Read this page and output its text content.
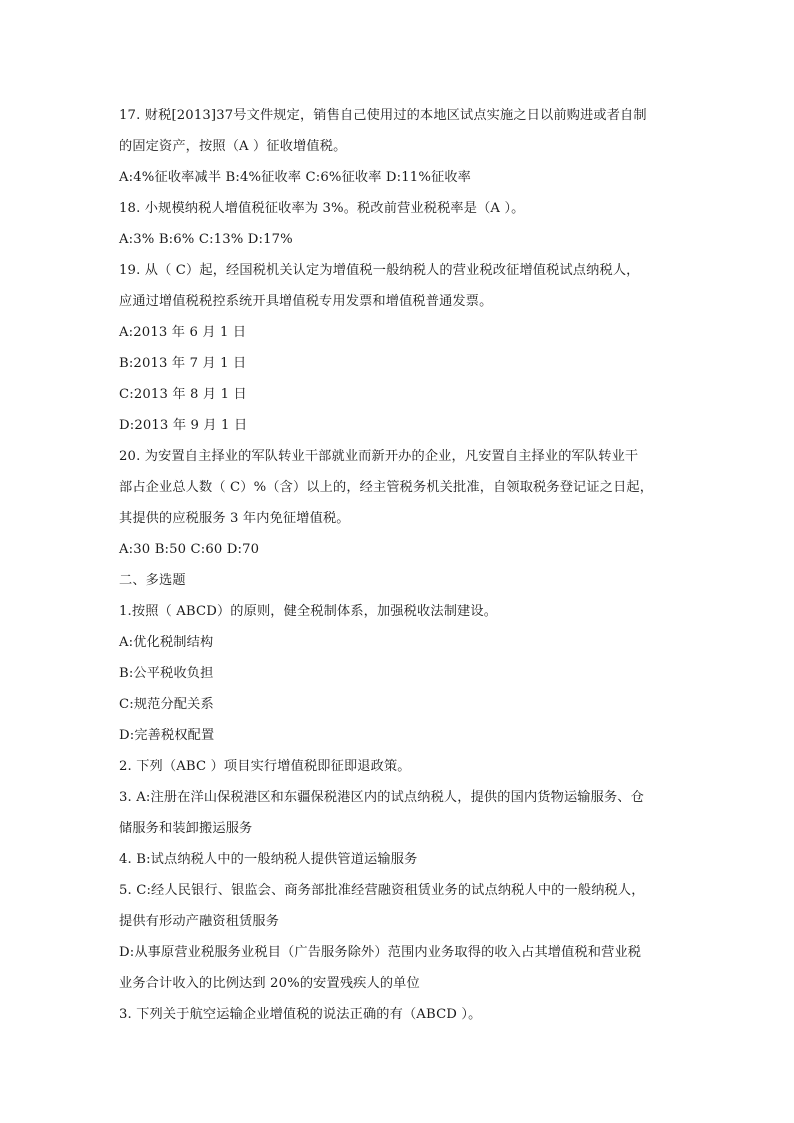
17. 财税[2013]37号文件规定，销售自己使用过的本地区试点实施之日以前购进或者自制
的固定资产，按照（A ）征收增值税。
A:4%征收率减半 B:4%征收率 C:6%征收率 D:11%征收率
18. 小规模纳税人增值税征收率为 3%。税改前营业税税率是（A ）。
A:3% B:6% C:13% D:17%
19. 从（ C）起，经国税机关认定为增值税一般纳税人的营业税改征增值税试点纳税人，
应通过增值税税控系统开具增值税专用发票和增值税普通发票。
A:2013 年 6 月 1 日
B:2013 年 7 月 1 日
C:2013 年 8 月 1 日
D:2013 年 9 月 1 日
20. 为安置自主择业的军队转业干部就业而新开办的企业，凡安置自主择业的军队转业干
部占企业总人数（ C）%（含）以上的，经主管税务机关批准，自领取税务登记证之日起，
其提供的应税服务 3 年内免征增值税。
A:30 B:50 C:60 D:70
二、多选题
1.按照（ ABCD）的原则，健全税制体系，加强税收法制建设。
A:优化税制结构
B:公平税收负担
C:规范分配关系
D:完善税权配置
2. 下列（ABC ）项目实行增值税即征即退政策。
3. A:注册在洋山保税港区和东疆保税港区内的试点纳税人，提供的国内货物运输服务、仓
储服务和装卸搬运服务
4. B:试点纳税人中的一般纳税人提供管道运输服务
5. C:经人民银行、银监会、商务部批准经营融资租赁业务的试点纳税人中的一般纳税人，
提供有形动产融资租赁服务
D:从事原营业税服务业税目（广告服务除外）范围内业务取得的收入占其增值税和营业税
业务合计收入的比例达到 20%的安置残疾人的单位
3. 下列关于航空运输企业增值税的说法正确的有（ABCD ）。
